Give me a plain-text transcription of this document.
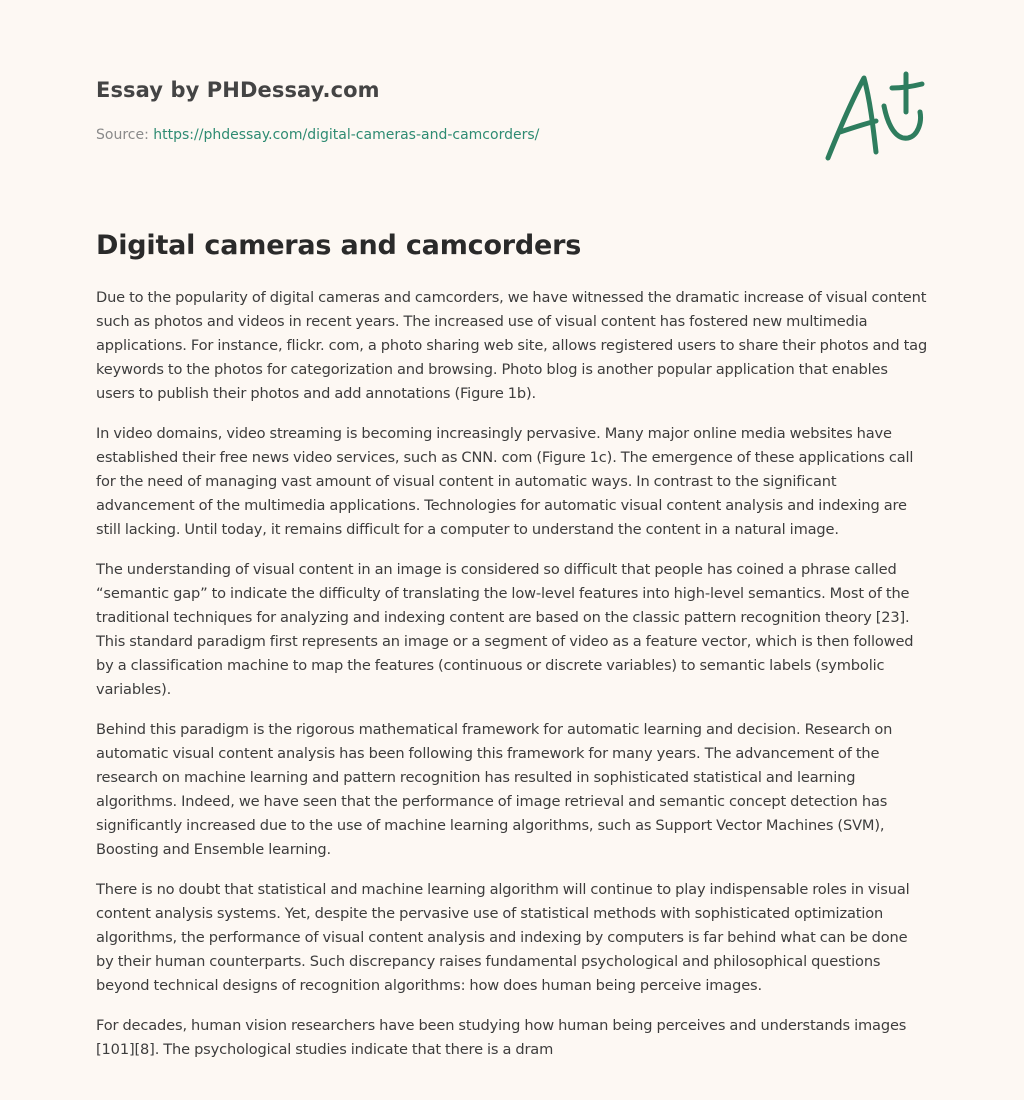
Essay by PHDessay.com
Source: https://phdessay.com/digital-cameras-and-camcorders/
Digital cameras and camcorders

Due to the popularity of digital cameras and camcorders, we have witnessed the dramatic increase of visual content such as photos and videos in recent years. The increased use of visual content has fostered new multimedia applications. For instance, flickr. com, a photo sharing web site, allows registered users to share their photos and tag keywords to the photos for categorization and browsing. Photo blog is another popular application that enables users to publish their photos and add annotations (Figure 1b).

In video domains, video streaming is becoming increasingly pervasive. Many major online media websites have established their free news video services, such as CNN. com (Figure 1c). The emergence of these applications call for the need of managing vast amount of visual content in automatic ways. In contrast to the significant advancement of the multimedia applications. Technologies for automatic visual content analysis and indexing are still lacking. Until today, it remains difficult for a computer to understand the content in a natural image.

The understanding of visual content in an image is considered so difficult that people has coined a phrase called “semantic gap” to indicate the difficulty of translating the low-level features into high-level semantics. Most of the traditional techniques for analyzing and indexing content are based on the classic pattern recognition theory [23]. This standard paradigm first represents an image or a segment of video as a feature vector, which is then followed by a classification machine to map the features (continuous or discrete variables) to semantic labels (symbolic variables).

Behind this paradigm is the rigorous mathematical framework for automatic learning and decision. Research on automatic visual content analysis has been following this framework for many years. The advancement of the research on machine learning and pattern recognition has resulted in sophisticated statistical and learning algorithms. Indeed, we have seen that the performance of image retrieval and semantic concept detection has significantly increased due to the use of machine learning algorithms, such as Support Vector Machines (SVM), Boosting and Ensemble learning.

There is no doubt that statistical and machine learning algorithm will continue to play indispensable roles in visual content analysis systems. Yet, despite the pervasive use of statistical methods with sophisticated optimization algorithms, the performance of visual content analysis and indexing by computers is far behind what can be done by their human counterparts. Such discrepancy raises fundamental psychological and philosophical questions beyond technical designs of recognition algorithms: how does human being perceive images.

For decades, human vision researchers have been studying how human being perceives and understands images [101][8]. The psychological studies indicate that there is a dram
